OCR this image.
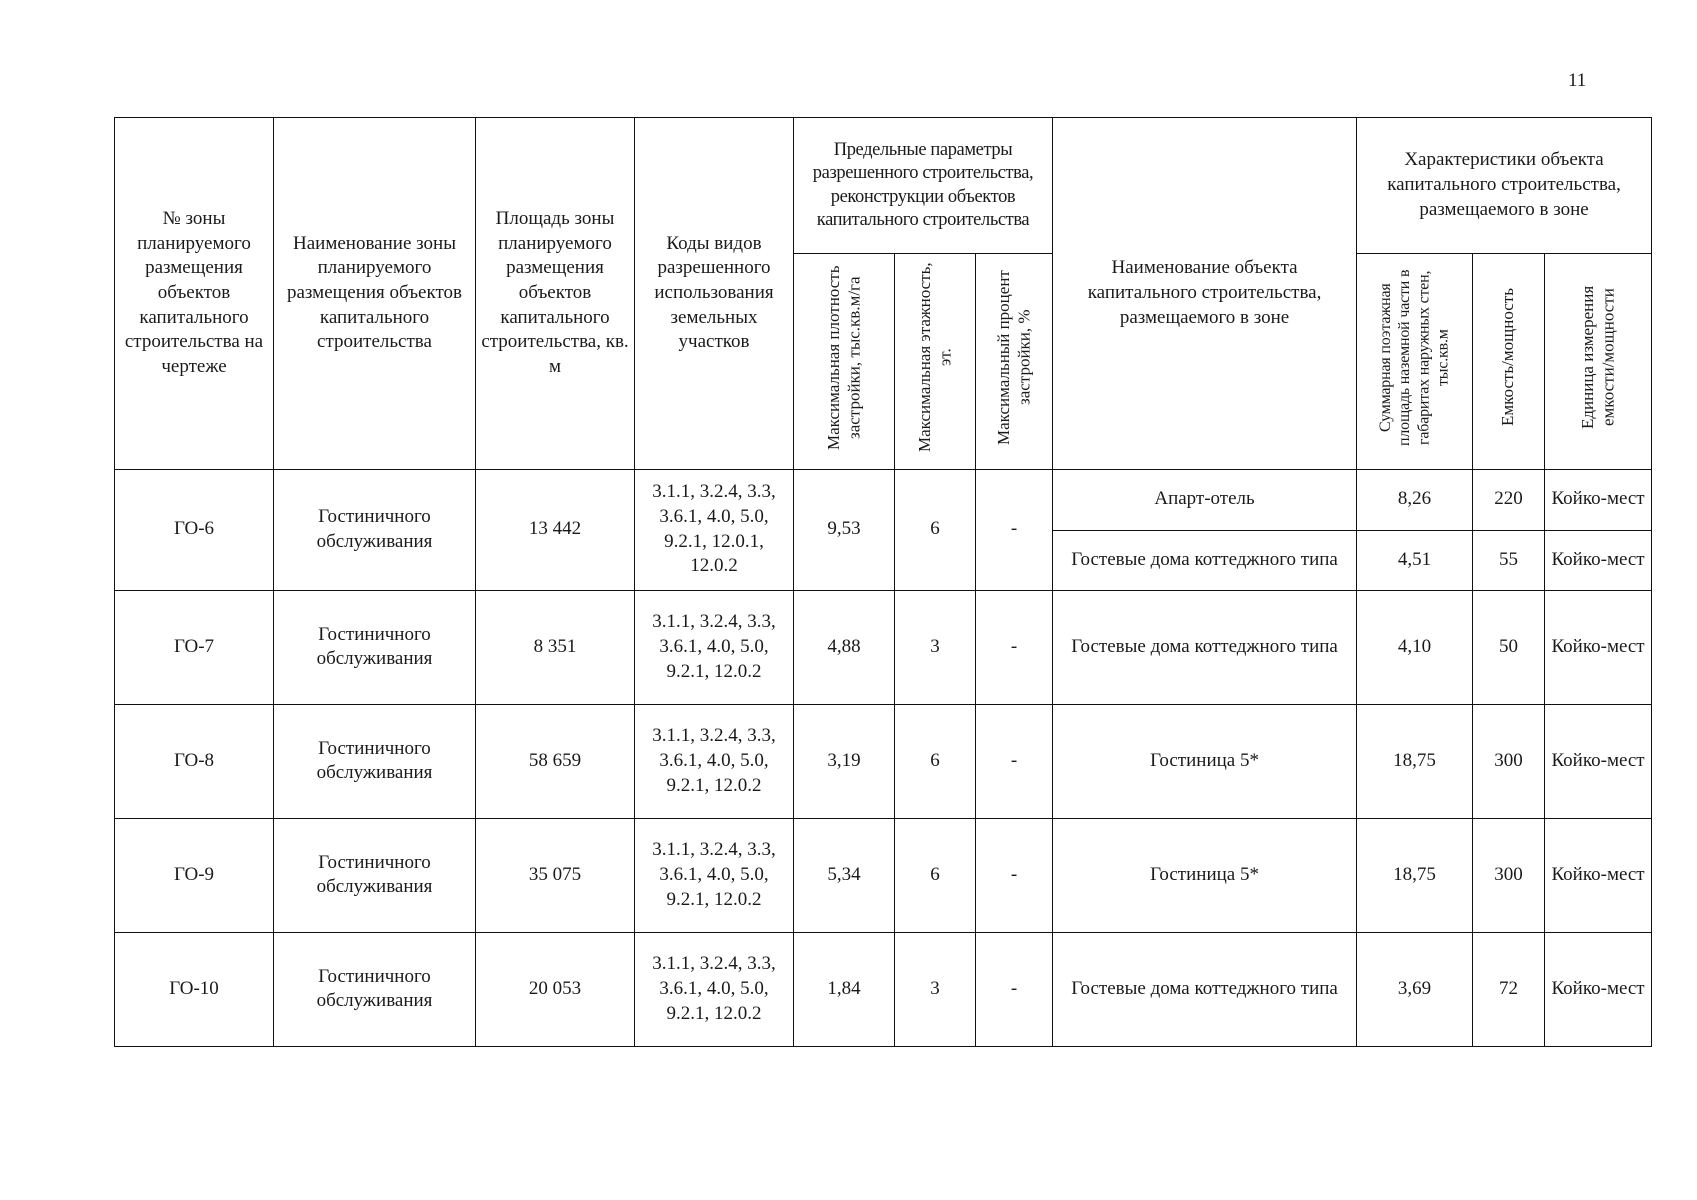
11
№ зоны планируемого размещения объектов капитального строительства на чертеже	Наименование зоны планируемого размещения объектов капитального строительства	Площадь зоны планируемого размещения объектов капитального строительства, кв. м	Коды видов разрешенного использования земельных участков	Предельные параметры разрешенного строительства, реконструкции объектов капитального строительства			Наименование объекта капитального строительства, размещаемого в зоне	Характеристики объекта капитального строительства, размещаемого в зоне		
				Максимальная плотность застройки, тыс.кв.м/га	Максимальная этажность, эт.	Максимальный процент застройки, %		Суммарная поэтажная площадь наземной части в габаритах наружных стен, тыс.кв.м	Емкость/мощность	Единица измерения емкости/мощности
ГО-6	Гостиничного обслуживания	13 442	3.1.1, 3.2.4, 3.3, 3.6.1, 4.0, 5.0, 9.2.1, 12.0.1, 12.0.2	9,53	6	-	Апарт-отель	8,26	220	Койко-мест
							Гостевые дома коттеджного типа	4,51	55	Койко-мест
ГО-7	Гостиничного обслуживания	8 351	3.1.1, 3.2.4, 3.3, 3.6.1, 4.0, 5.0, 9.2.1, 12.0.2	4,88	3	-	Гостевые дома коттеджного типа	4,10	50	Койко-мест
ГО-8	Гостиничного обслуживания	58 659	3.1.1, 3.2.4, 3.3, 3.6.1, 4.0, 5.0, 9.2.1, 12.0.2	3,19	6	-	Гостиница 5*	18,75	300	Койко-мест
ГО-9	Гостиничного обслуживания	35 075	3.1.1, 3.2.4, 3.3, 3.6.1, 4.0, 5.0, 9.2.1, 12.0.2	5,34	6	-	Гостиница 5*	18,75	300	Койко-мест
ГО-10	Гостиничного обслуживания	20 053	3.1.1, 3.2.4, 3.3, 3.6.1, 4.0, 5.0, 9.2.1, 12.0.2	1,84	3	-	Гостевые дома коттеджного типа	3,69	72	Койко-мест
